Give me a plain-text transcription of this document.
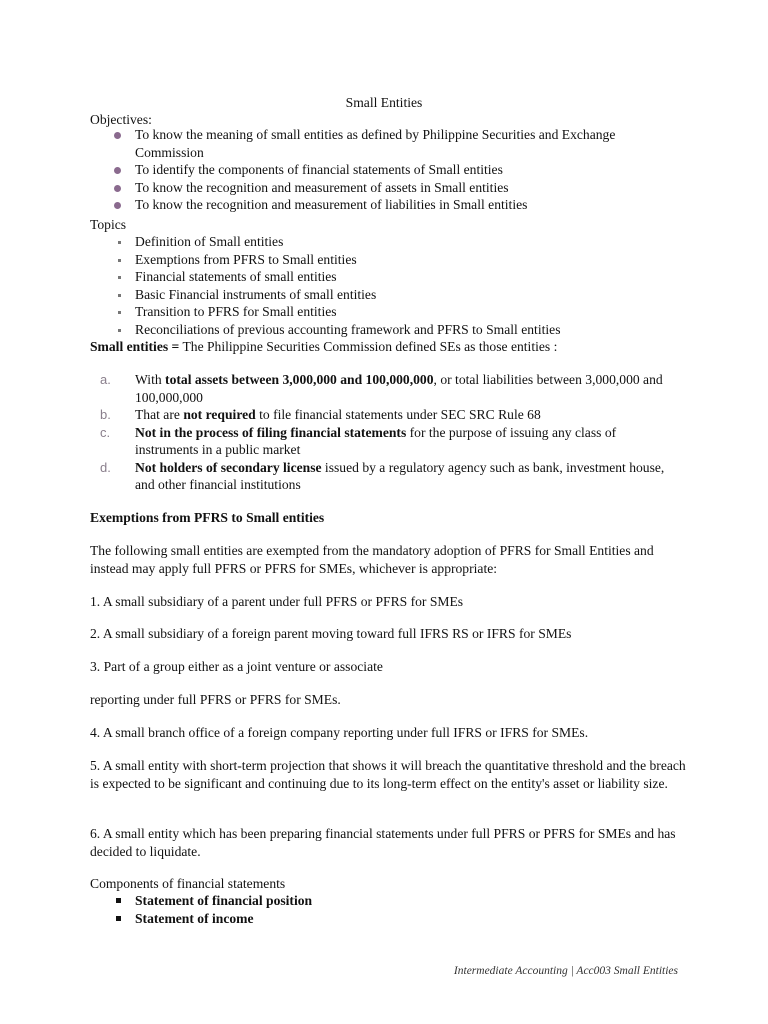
Small Entities
Objectives:
To know the meaning of small entities as defined by Philippine Securities and Exchange Commission
To identify the components of financial statements of Small entities
To know the recognition and measurement of assets in Small entities
To know the recognition and measurement of liabilities in Small entities
Topics
Definition of Small entities
Exemptions from PFRS to Small entities
Financial statements of small entities
Basic Financial instruments of small entities
Transition to PFRS for Small entities
Reconciliations of previous accounting framework and PFRS to Small entities
Small entities = The Philippine Securities Commission defined SEs as those entities :
a. With total assets between 3,000,000 and 100,000,000, or total liabilities between 3,000,000 and 100,000,000
b. That are not required to file financial statements under SEC SRC Rule 68
c. Not in the process of filing financial statements for the purpose of issuing any class of instruments in a public market
d. Not holders of secondary license issued by a regulatory agency such as bank, investment house, and other financial institutions
Exemptions from PFRS to Small entities
The following small entities are exempted from the mandatory adoption of PFRS for Small Entities and instead may apply full PFRS or PFRS for SMEs, whichever is appropriate:
1. A small subsidiary of a parent under full PFRS or PFRS for SMEs
2. A small subsidiary of a foreign parent moving toward full IFRS RS or IFRS for SMEs
3. Part of a group either as a joint venture or associate
reporting under full PFRS or PFRS for SMEs.
4. A small branch office of a foreign company reporting under full IFRS or IFRS for SMEs.
5. A small entity with short-term projection that shows it will breach the quantitative threshold and the breach is expected to be significant and continuing due to its long-term effect on the entity's asset or liability size.
6. A small entity which has been preparing financial statements under full PFRS or PFRS for SMEs and has decided to liquidate.
Components of financial statements
Statement of financial position
Statement of income
Intermediate Accounting | Acc003 Small Entities
